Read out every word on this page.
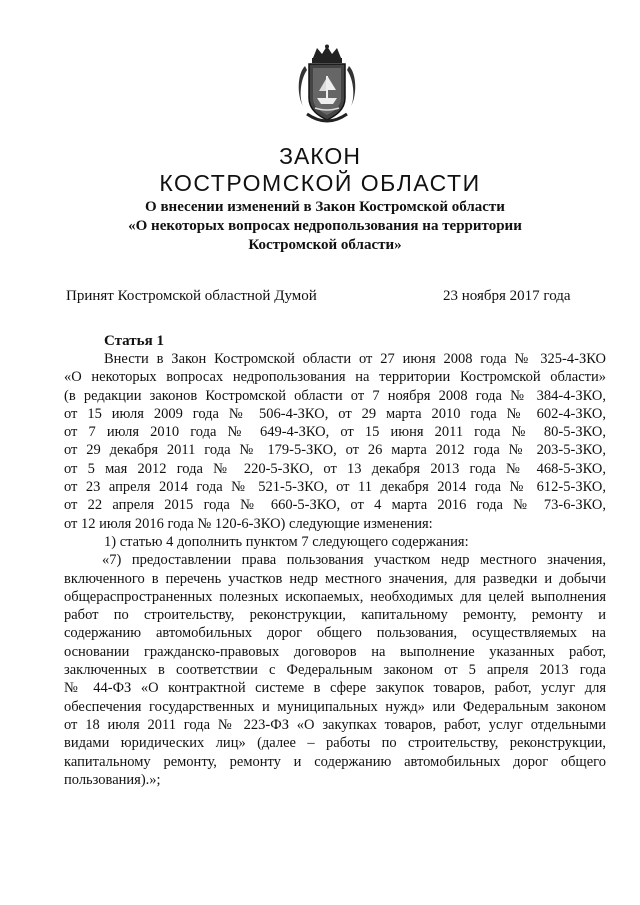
ЗАКОН
КОСТРОМСКОЙ ОБЛАСТИ
О внесении изменений в Закон Костромской области
«О некоторых вопросах недропользования на территории
Костромской области»
Принят Костромской областной Думой	23 ноября 2017 года
Статья 1
Внести в Закон Костромской области от 27 июня 2008 года № 325-4-ЗКО
«О некоторых вопросах недропользования на территории Костромской области»
(в редакции законов Костромской области от 7 ноября 2008 года № 384-4-ЗКО,
от 15 июля 2009 года № 506-4-ЗКО, от 29 марта 2010 года № 602-4-ЗКО,
от 7 июля 2010 года № 649-4-ЗКО, от 15 июня 2011 года № 80-5-ЗКО,
от 29 декабря 2011 года № 179-5-ЗКО, от 26 марта 2012 года № 203-5-ЗКО,
от 5 мая 2012 года № 220-5-ЗКО, от 13 декабря 2013 года № 468-5-ЗКО,
от 23 апреля 2014 года № 521-5-ЗКО, от 11 декабря 2014 года № 612-5-ЗКО,
от 22 апреля 2015 года № 660-5-ЗКО, от 4 марта 2016 года № 73-6-ЗКО,
от 12 июля 2016 года № 120-6-ЗКО) следующие изменения:
1) статью 4 дополнить пунктом 7 следующего содержания:
«7) предоставлении права пользования участком недр местного значения,
включенного в перечень участков недр местного значения, для разведки и добычи
общераспространенных полезных ископаемых, необходимых для целей выполнения
работ по строительству, реконструкции, капитальному ремонту, ремонту и
содержанию автомобильных дорог общего пользования, осуществляемых на
основании гражданско-правовых договоров на выполнение указанных работ,
заключенных в соответствии с Федеральным законом от 5 апреля 2013 года
№ 44-ФЗ «О контрактной системе в сфере закупок товаров, работ, услуг для
обеспечения государственных и муниципальных нужд» или Федеральным законом
от 18 июля 2011 года № 223-ФЗ «О закупках товаров, работ, услуг отдельными
видами юридических лиц» (далее – работы по строительству, реконструкции,
капитальному ремонту, ремонту и содержанию автомобильных дорог общего
пользования).»;
